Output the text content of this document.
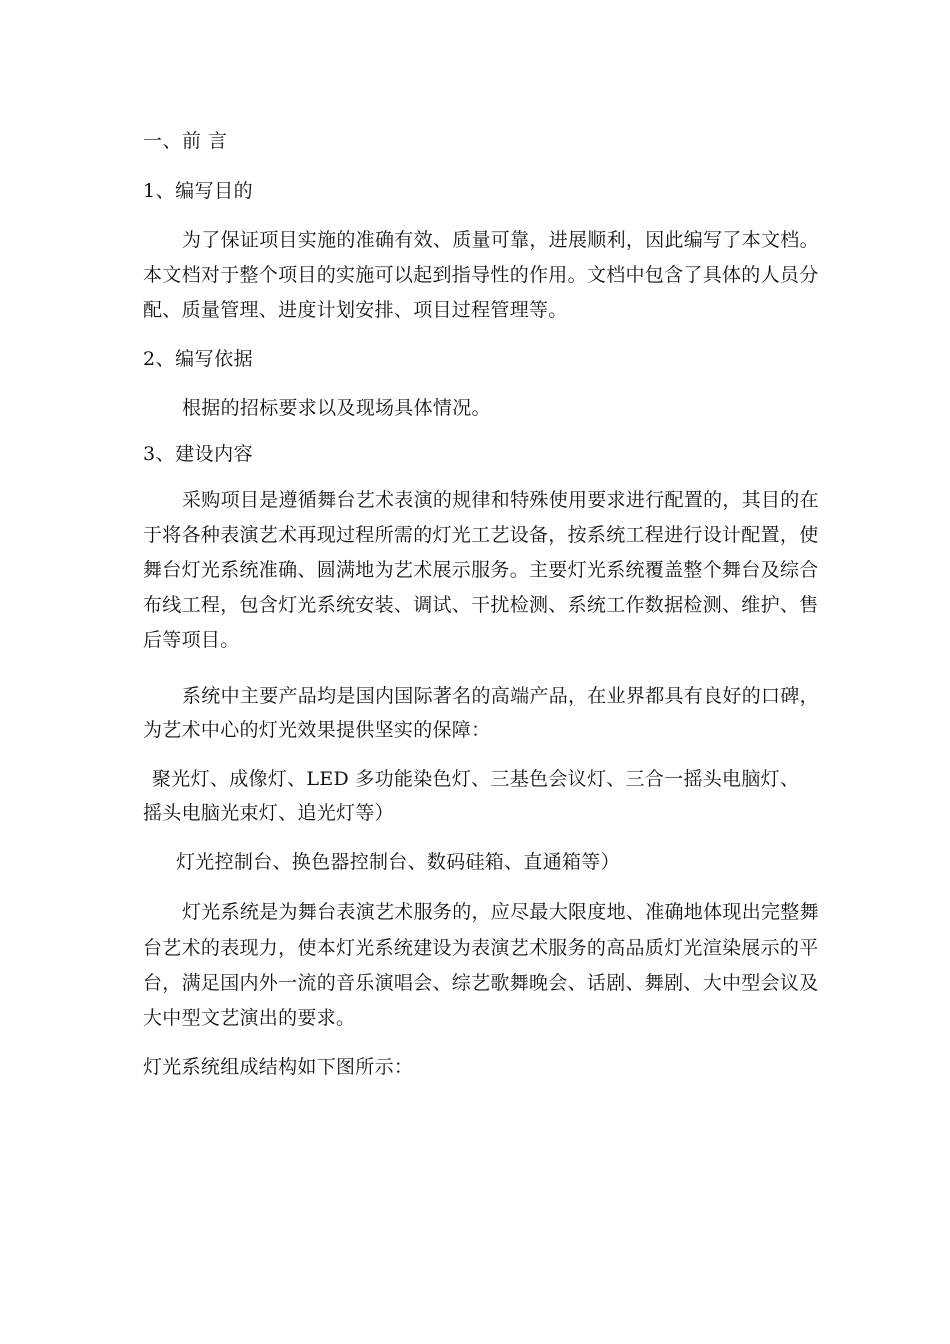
一、前 言
1、编写目的
为了保证项目实施的准确有效、质量可靠，进展顺利，因此编写了本文档。
本文档对于整个项目的实施可以起到指导性的作用。文档中包含了具体的人员分
配、质量管理、进度计划安排、项目过程管理等。
2、编写依据
根据的招标要求以及现场具体情况。
3、建设内容
采购项目是遵循舞台艺术表演的规律和特殊使用要求进行配置的，其目的在
于将各种表演艺术再现过程所需的灯光工艺设备，按系统工程进行设计配置，使
舞台灯光系统准确、圆满地为艺术展示服务。主要灯光系统覆盖整个舞台及综合
布线工程，包含灯光系统安装、调试、干扰检测、系统工作数据检测、维护、售
后等项目。
系统中主要产品均是国内国际著名的高端产品，在业界都具有良好的口碑，
为艺术中心的灯光效果提供坚实的保障：
聚光灯、成像灯、LED 多功能染色灯、三基色会议灯、三合一摇头电脑灯、
摇头电脑光束灯、追光灯等）
灯光控制台、换色器控制台、数码硅箱、直通箱等）
灯光系统是为舞台表演艺术服务的，应尽最大限度地、准确地体现出完整舞
台艺术的表现力，使本灯光系统建设为表演艺术服务的高品质灯光渲染展示的平
台，满足国内外一流的音乐演唱会、综艺歌舞晚会、话剧、舞剧、大中型会议及
大中型文艺演出的要求。
灯光系统组成结构如下图所示：
